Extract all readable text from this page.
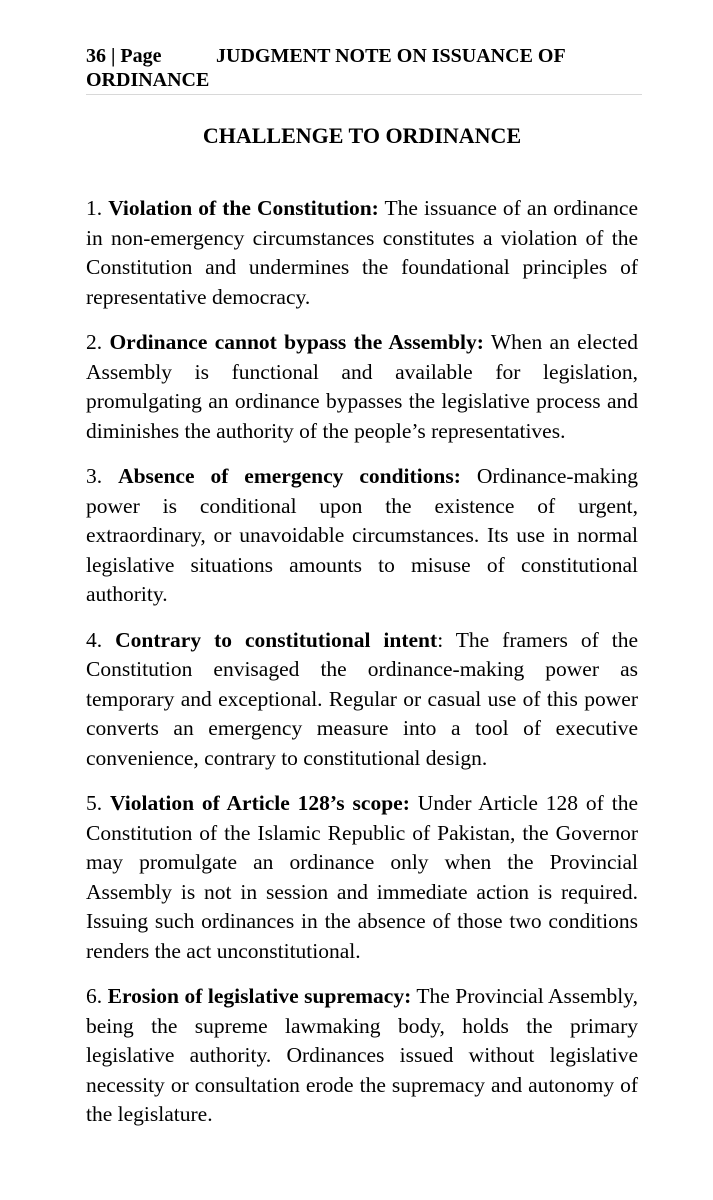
36 | Page	JUDGMENT NOTE ON ISSUANCE OF ORDINANCE
CHALLENGE TO ORDINANCE

1. Violation of the Constitution: The issuance of an ordinance in non-emergency circumstances constitutes a violation of the Constitution and undermines the foundational principles of representative democracy.

2. Ordinance cannot bypass the Assembly: When an elected Assembly is functional and available for legislation, promulgating an ordinance bypasses the legislative process and diminishes the authority of the people’s representatives.

3. Absence of emergency conditions: Ordinance-making power is conditional upon the existence of urgent, extraordinary, or unavoidable circumstances. Its use in normal legislative situations amounts to misuse of constitutional authority.

4. Contrary to constitutional intent: The framers of the Constitution envisaged the ordinance-making power as temporary and exceptional. Regular or casual use of this power converts an emergency measure into a tool of executive convenience, contrary to constitutional design.

5. Violation of Article 128’s scope: Under Article 128 of the Constitution of the Islamic Republic of Pakistan, the Governor may promulgate an ordinance only when the Provincial Assembly is not in session and immediate action is required. Issuing such ordinances in the absence of those two conditions renders the act unconstitutional.

6. Erosion of legislative supremacy: The Provincial Assembly, being the supreme lawmaking body, holds the primary legislative authority. Ordinances issued without legislative necessity or consultation erode the supremacy and autonomy of the legislature.
